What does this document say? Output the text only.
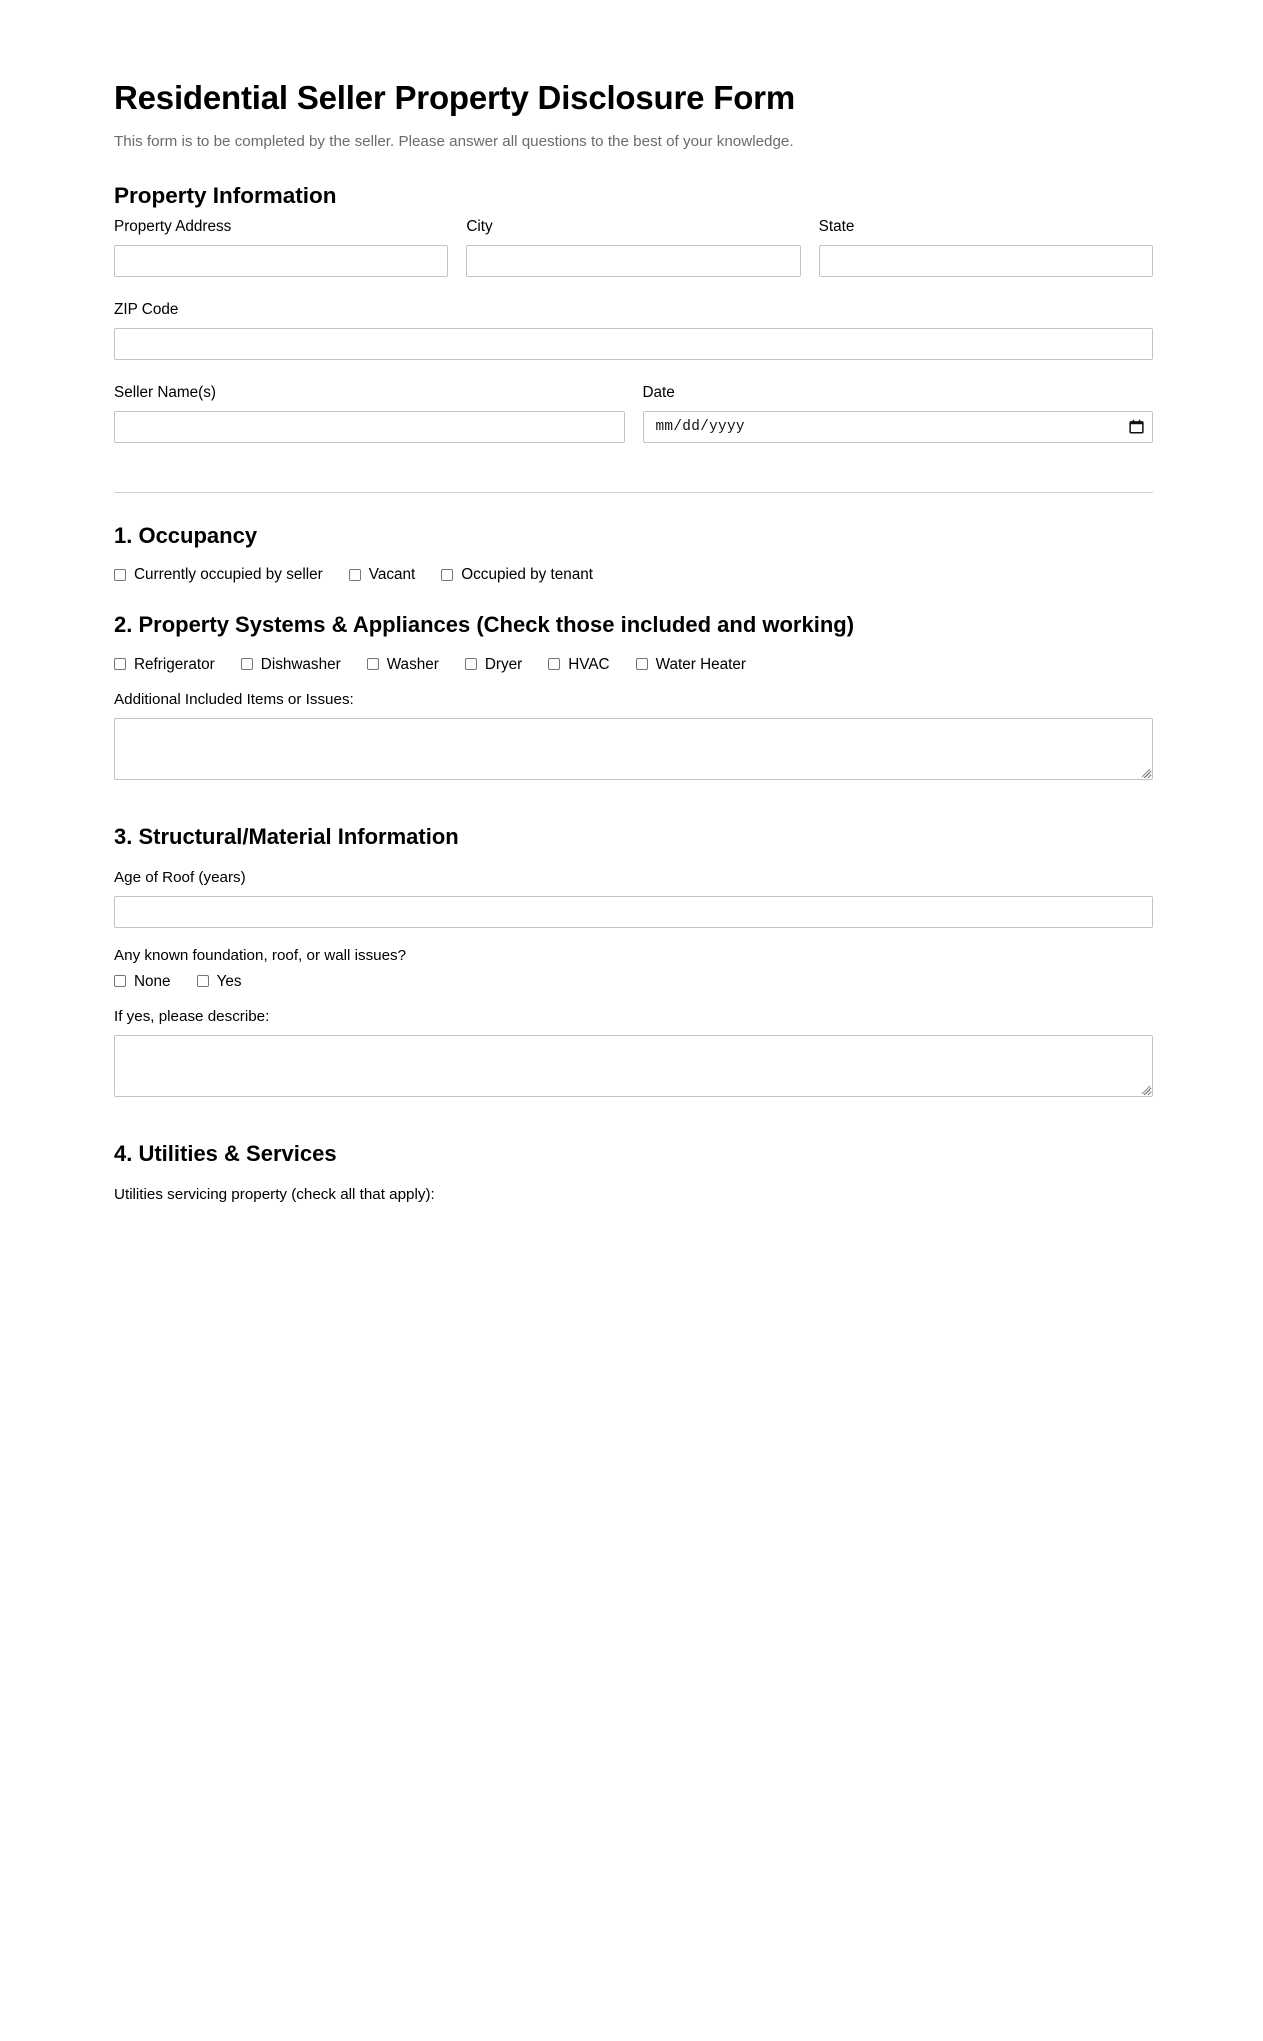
Residential Seller Property Disclosure Form

This form is to be completed by the seller. Please answer all questions to the best of your knowledge.

Property Information
Property Address	City	State
ZIP Code
Seller Name(s)	Date
mm/dd/yyyy
1. Occupancy
Currently occupied by seller	Vacant	Occupied by tenant
2. Property Systems & Appliances (Check those included and working)
Refrigerator	Dishwasher	Washer	Dryer	HVAC	Water Heater
Additional Included Items or Issues:
3. Structural/Material Information
Age of Roof (years)
Any known foundation, roof, or wall issues?
None	Yes
If yes, please describe:
4. Utilities & Services
Utilities servicing property (check all that apply):
